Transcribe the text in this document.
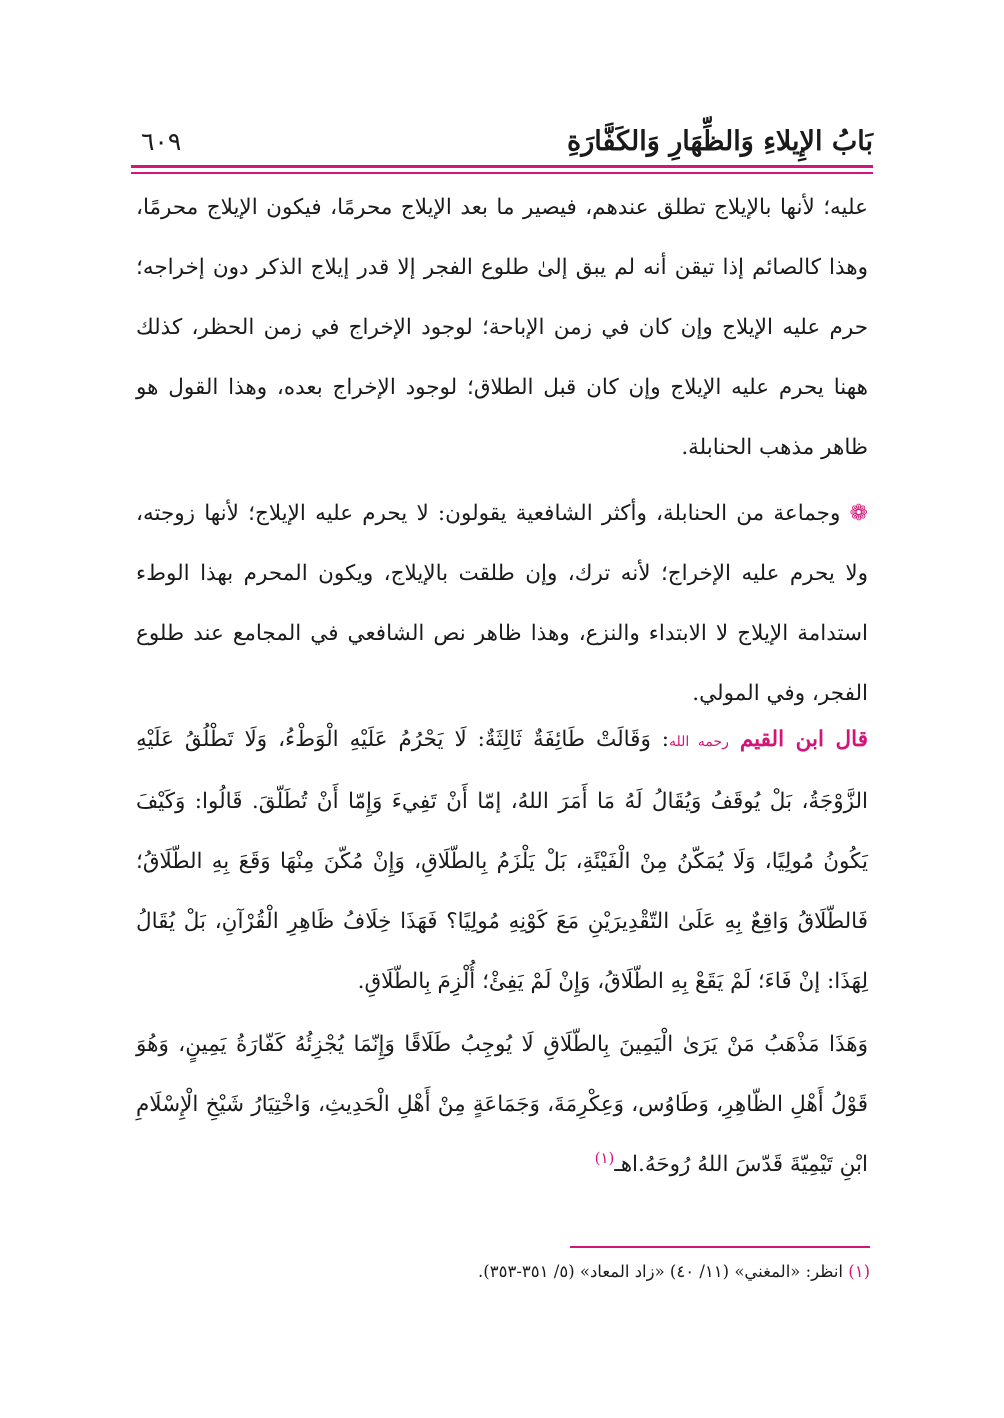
بَابُ الإِيلاءِ وَالظِّهَارِ وَالكَفَّارَةِ
٦٠٩

عليه؛ لأنها بالإيلاج تطلق عندهم، فيصير ما بعد الإيلاج محرمًا، فيكون الإيلاج محرمًا، وهذا كالصائم إذا تيقن أنه لم يبق إلىٰ طلوع الفجر إلا قدر إيلاج الذكر دون إخراجه؛ حرم عليه الإيلاج وإن كان في زمن الإباحة؛ لوجود الإخراج في زمن الحظر، كذلك ههنا يحرم عليه الإيلاج وإن كان قبل الطلاق؛ لوجود الإخراج بعده، وهذا القول هو ظاهر مذهب الحنابلة.

❁ وجماعة من الحنابلة، وأكثر الشافعية يقولون: لا يحرم عليه الإيلاج؛ لأنها زوجته، ولا يحرم عليه الإخراج؛ لأنه ترك، وإن طلقت بالإيلاج، ويكون المحرم بهذا الوطء استدامة الإيلاج لا الابتداء والنزع، وهذا ظاهر نص الشافعي في المجامع عند طلوع الفجر، وفي المولي.

قال ابن القيم رحمه الله: وَقَالَتْ طَائِفَةٌ ثَالِثَةٌ: لَا يَحْرُمُ عَلَيْهِ الْوَطْءُ، وَلَا تَطْلُقُ عَلَيْهِ الزَّوْجَةُ، بَلْ يُوقَفُ وَيُقَالُ لَهُ مَا أَمَرَ اللهُ، إمّا أَنْ تَفِيءَ وَإِمّا أَنْ تُطَلّقَ. قَالُوا: وَكَيْفَ يَكُونُ مُولِيًا، وَلَا يُمَكّنُ مِنْ الْفَيْئَةِ، بَلْ يَلْزَمُ بِالطّلَاقِ، وَإِنْ مُكّنَ مِنْهَا وَقَعَ بِهِ الطّلَاقُ؛ فَالطّلَاقُ وَاقِعٌ بِهِ عَلَىٰ التّقْدِيرَيْنِ مَعَ كَوْنِهِ مُولِيًا؟ فَهَذَا خِلَافُ ظَاهِرِ الْقُرْآنِ، بَلْ يُقَالُ لِهَذَا: إنْ فَاءَ؛ لَمْ يَقَعْ بِهِ الطّلَاقُ، وَإِنْ لَمْ يَفِئْ؛ أُلْزِمَ بِالطّلَاقِ.

وَهَذَا مَذْهَبُ مَنْ يَرَىٰ الْيَمِينَ بِالطّلَاقِ لَا يُوجِبُ طَلَاقًا وَإِنّمَا يُجْزِئُهُ كَفّارَةُ يَمِينٍ، وَهُوَ قَوْلُ أَهْلِ الظّاهِرِ، وَطَاوُس، وَعِكْرِمَةَ، وَجَمَاعَةٍ مِنْ أَهْلِ الْحَدِيثِ، وَاخْتِيَارُ شَيْخِ الْإِسْلَامِ ابْنِ تَيْمِيّةَ قَدّسَ اللهُ رُوحَهُ.اهـ$^{(١)}$

(١) انظر: «المغني» (١١/ ٤٠) «زاد المعاد» (٥/ ٣٥١-٣٥٣).
